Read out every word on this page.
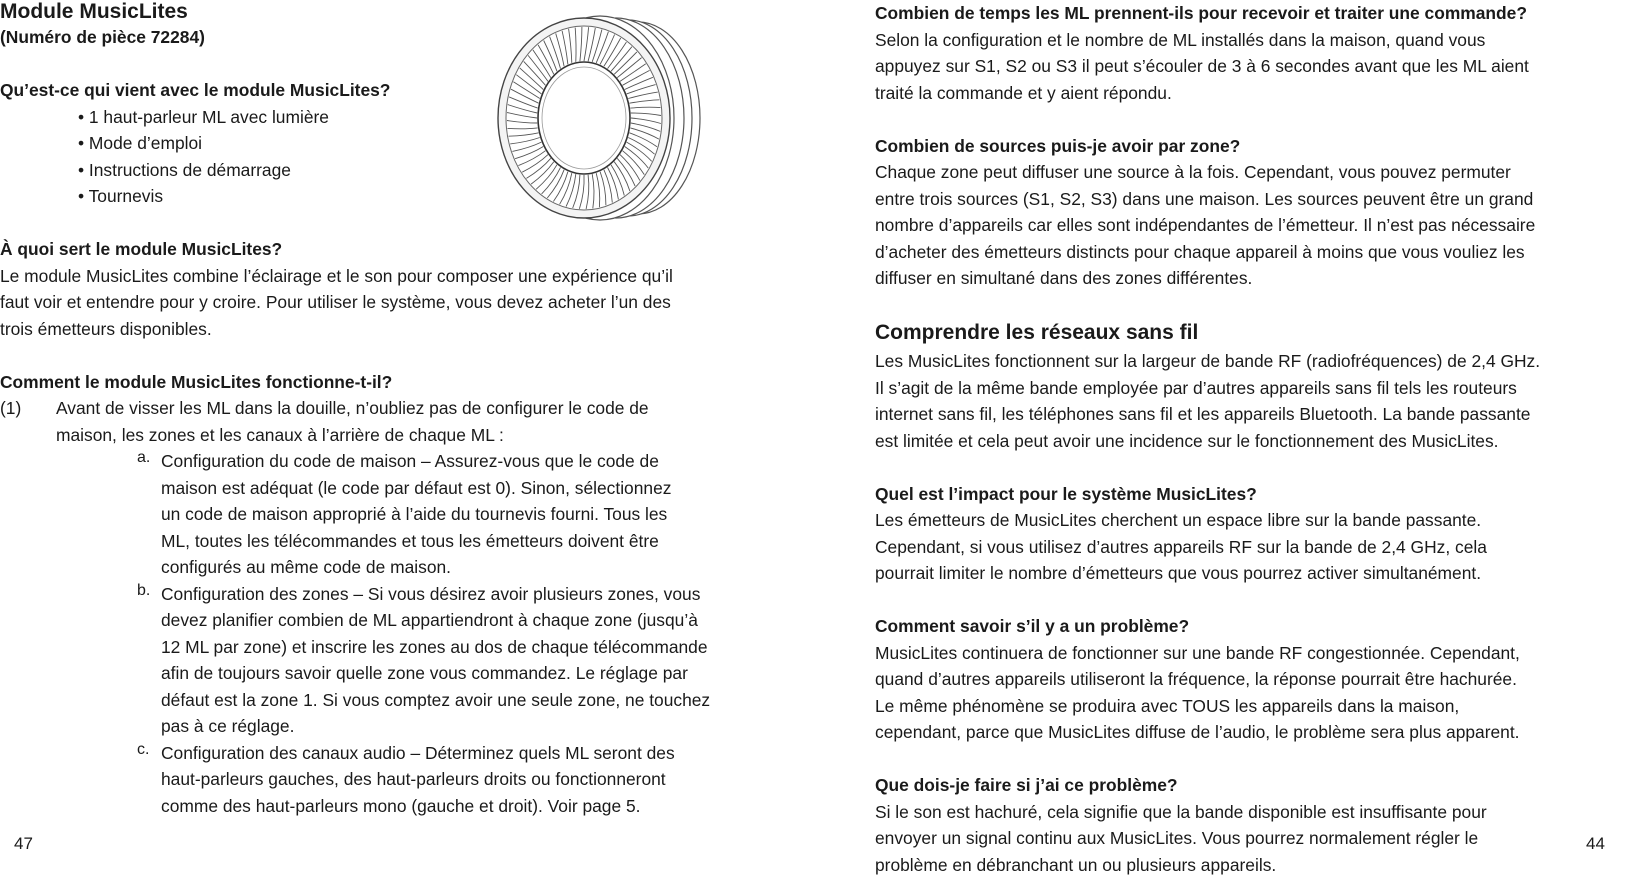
Module MusicLites
(Numéro de pièce 72284)
Qu’est-ce qui vient avec le module MusicLites?
• 1 haut-parleur ML avec lumière
• Mode d’emploi
• Instructions de démarrage
• Tournevis
À quoi sert le module MusicLites?
Le module MusicLites combine l’éclairage et le son pour composer une expérience qu’il
faut voir et entendre pour y croire. Pour utiliser le système, vous devez acheter l’un des
trois émetteurs disponibles.
Comment le module MusicLites fonctionne-t-il?
(1) Avant de visser les ML dans la douille, n’oubliez pas de configurer le code de
maison, les zones et les canaux à l’arrière de chaque ML :
a. Configuration du code de maison – Assurez-vous que le code de
maison est adéquat (le code par défaut est 0). Sinon, sélectionnez
un code de maison approprié à l’aide du tournevis fourni. Tous les
ML, toutes les télécommandes et tous les émetteurs doivent être
configurés au même code de maison.
b. Configuration des zones – Si vous désirez avoir plusieurs zones, vous
devez planifier combien de ML appartiendront à chaque zone (jusqu’à
12 ML par zone) et inscrire les zones au dos de chaque télécommande
afin de toujours savoir quelle zone vous commandez. Le réglage par
défaut est la zone 1. Si vous comptez avoir une seule zone, ne touchez
pas à ce réglage.
c. Configuration des canaux audio – Déterminez quels ML seront des
haut-parleurs gauches, des haut-parleurs droits ou fonctionneront
comme des haut-parleurs mono (gauche et droit). Voir page 5.
47
Combien de temps les ML prennent-ils pour recevoir et traiter une commande?
Selon la configuration et le nombre de ML installés dans la maison, quand vous
appuyez sur S1, S2 ou S3 il peut s’écouler de 3 à 6 secondes avant que les ML aient
traité la commande et y aient répondu.
Combien de sources puis-je avoir par zone?
Chaque zone peut diffuser une source à la fois. Cependant, vous pouvez permuter
entre trois sources (S1, S2, S3) dans une maison. Les sources peuvent être un grand
nombre d’appareils car elles sont indépendantes de l’émetteur. Il n’est pas nécessaire
d’acheter des émetteurs distincts pour chaque appareil à moins que vous vouliez les
diffuser en simultané dans des zones différentes.
Comprendre les réseaux sans fil
Les MusicLites fonctionnent sur la largeur de bande RF (radiofréquences) de 2,4 GHz.
Il s’agit de la même bande employée par d’autres appareils sans fil tels les routeurs
internet sans fil, les téléphones sans fil et les appareils Bluetooth. La bande passante
est limitée et cela peut avoir une incidence sur le fonctionnement des MusicLites.
Quel est l’impact pour le système MusicLites?
Les émetteurs de MusicLites cherchent un espace libre sur la bande passante.
Cependant, si vous utilisez d’autres appareils RF sur la bande de 2,4 GHz, cela
pourrait limiter le nombre d’émetteurs que vous pourrez activer simultanément.
Comment savoir s’il y a un problème?
MusicLites continuera de fonctionner sur une bande RF congestionnée. Cependant,
quand d’autres appareils utiliseront la fréquence, la réponse pourrait être hachurée.
Le même phénomène se produira avec TOUS les appareils dans la maison,
cependant, parce que MusicLites diffuse de l’audio, le problème sera plus apparent.
Que dois-je faire si j’ai ce problème?
Si le son est hachuré, cela signifie que la bande disponible est insuffisante pour
envoyer un signal continu aux MusicLites. Vous pourrez normalement régler le
problème en débranchant un ou plusieurs appareils.
44
